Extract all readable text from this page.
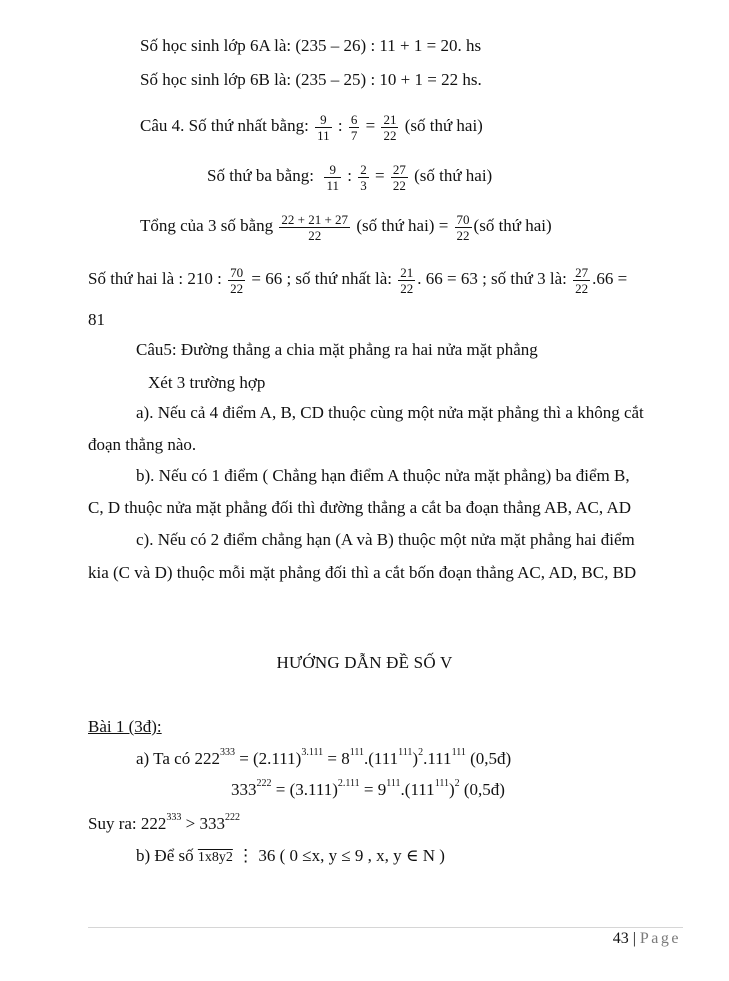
Số học sinh lớp 6A là: (235 – 26) : 11 + 1 = 20. hs
Số học sinh lớp 6B là: (235 – 25) : 10 + 1 = 22 hs.
Câu 4. Số thứ nhất bằng: $\frac{9}{11}$ : $\frac{6}{7} = \frac{21}{22}$ (số thứ hai)
Số thứ ba bằng: $\frac{9}{11}$ : $\frac{2}{3} = \frac{27}{22}$ (số thứ hai)
Tổng của 3 số bằng $\frac{22 + 21 + 27}{22}$ (số thứ $hai) = \frac{70}{22}$ (số thứ hai)
Số thứ hai là : 210 : $\frac{70}{22} = 66$ ; số thứ nhất là: $\frac{21}{22}$ . 66 = 63 ; số thứ 3 là: $\frac{27}{22} .66$ =
81
Câu5: Đường thẳng a chia mặt phẳng ra hai nửa mặt phẳng
Xét 3 trường hợp
a). Nếu cả 4 điểm A, B, CD thuộc cùng một nửa mặt phẳng thì a không cắt
đoạn thẳng nào.
b). Nếu có 1 điểm ( Chẳng hạn điểm A thuộc nửa mặt phẳng) ba điểm B,
C, D thuộc nửa mặt phẳng đối thì đường thẳng a cắt ba đoạn thẳng AB, AC, AD
c). Nếu có 2 điểm chẳng hạn (A và B) thuộc một nửa mặt phẳng hai điểm
kia (C và D) thuộc mỗi mặt phẳng đối thì a cắt bốn đoạn thẳng AC, AD, BC, BD
HƯỚNG DẪN ĐỀ SỐ V
Bài 1 (3đ):
a) Ta có $222^{333} = (2.111)^{3.111} = 8^{111}.(111^{111})^2.111^{111}$ (0,5đ)
$333^{222} = (3.111)^{2.111} = 9^{111}.(111^{111})^2$ (0,5đ)
Suy ra: $222^{333} > 333^{222}$
b) Để số 1x8y2 ⋮ 36 ( 0 ≤x, y ≤ 9 , x, y ∈ N )
43 | Page
